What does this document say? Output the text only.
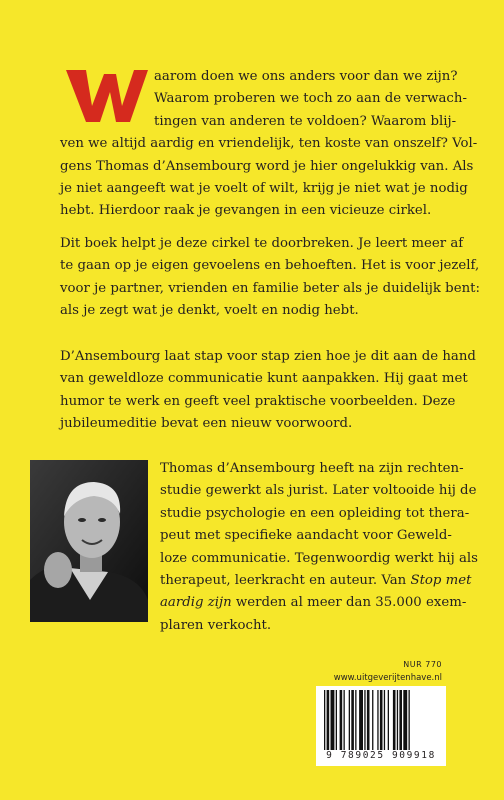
aarom doen we ons anders voor dan we zijn?
Waarom proberen we toch zo aan de verwach-
tingen van anderen te voldoen? Waarom blij-
ven we altijd aardig en vriendelijk, ten koste van onszelf? Vol-
gens Thomas d’Ansembourg word je hier ongelukkig van. Als
je niet aangeeft wat je voelt of wilt, krijg je niet wat je nodig
hebt. Hierdoor raak je gevangen in een vicieuze cirkel.
Dit boek helpt je deze cirkel te doorbreken. Je leert meer af
te gaan op je eigen gevoelens en behoeften. Het is voor jezelf,
voor je partner, vrienden en familie beter als je duidelijk bent:
als je zegt wat je denkt, voelt en nodig hebt.
D’Ansembourg laat stap voor stap zien hoe je dit aan de hand
van geweldloze communicatie kunt aanpakken. Hij gaat met
humor te werk en geeft veel praktische voorbeelden. Deze
jubileumeditie bevat een nieuw voorwoord.
Thomas d’Ansembourg heeft na zijn rechten-
studie gewerkt als jurist. Later voltooide hij de
studie psychologie en een opleiding tot thera-
peut met specifieke aandacht voor Geweld-
loze communicatie. Tegenwoordig werkt hij als
therapeut, leerkracht en auteur. Van Stop met
aardig zijn werden al meer dan 35.000 exem-
plaren verkocht.
NUR 770
www.uitgeverijtenhave.nl
9 789025 909918
